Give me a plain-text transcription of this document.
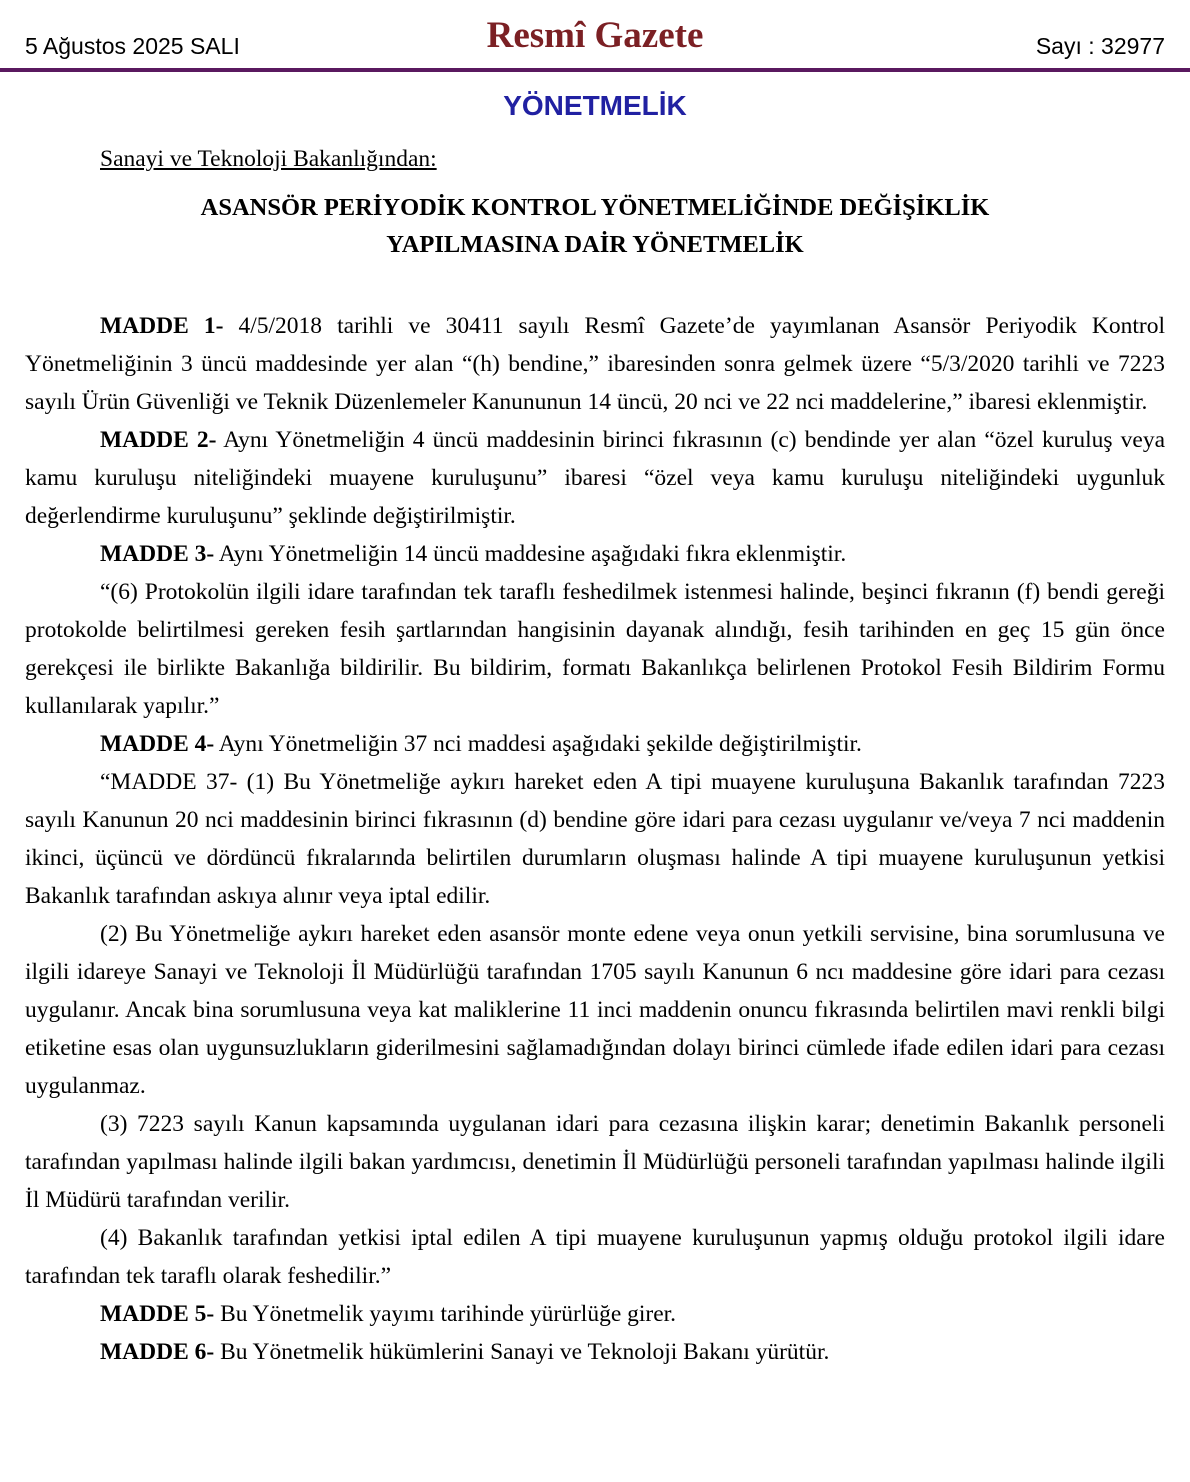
5 Ağustos 2025 SALI	Resmî Gazete	Sayı : 32977
YÖNETMELİK
Sanayi ve Teknoloji Bakanlığından:
ASANSÖR PERİYODİK KONTROL YÖNETMELİĞİNDE DEĞİŞİKLİK
YAPILMASINA DAİR YÖNETMELİK

MADDE 1- 4/5/2018 tarihli ve 30411 sayılı Resmî Gazete’de yayımlanan Asansör Periyodik Kontrol Yönetmeliğinin 3 üncü maddesinde yer alan “(h) bendine,” ibaresinden sonra gelmek üzere “5/3/2020 tarihli ve 7223 sayılı Ürün Güvenliği ve Teknik Düzenlemeler Kanununun 14 üncü, 20 nci ve 22 nci maddelerine,” ibaresi eklenmiştir.

MADDE 2- Aynı Yönetmeliğin 4 üncü maddesinin birinci fıkrasının (c) bendinde yer alan “özel kuruluş veya kamu kuruluşu niteliğindeki muayene kuruluşunu” ibaresi “özel veya kamu kuruluşu niteliğindeki uygunluk değerlendirme kuruluşunu” şeklinde değiştirilmiştir.

MADDE 3- Aynı Yönetmeliğin 14 üncü maddesine aşağıdaki fıkra eklenmiştir.

“(6) Protokolün ilgili idare tarafından tek taraflı feshedilmek istenmesi halinde, beşinci fıkranın (f) bendi gereği protokolde belirtilmesi gereken fesih şartlarından hangisinin dayanak alındığı, fesih tarihinden en geç 15 gün önce gerekçesi ile birlikte Bakanlığa bildirilir. Bu bildirim, formatı Bakanlıkça belirlenen Protokol Fesih Bildirim Formu kullanılarak yapılır.”

MADDE 4- Aynı Yönetmeliğin 37 nci maddesi aşağıdaki şekilde değiştirilmiştir.

“MADDE 37- (1) Bu Yönetmeliğe aykırı hareket eden A tipi muayene kuruluşuna Bakanlık tarafından 7223 sayılı Kanunun 20 nci maddesinin birinci fıkrasının (d) bendine göre idari para cezası uygulanır ve/veya 7 nci maddenin ikinci, üçüncü ve dördüncü fıkralarında belirtilen durumların oluşması halinde A tipi muayene kuruluşunun yetkisi Bakanlık tarafından askıya alınır veya iptal edilir.

(2) Bu Yönetmeliğe aykırı hareket eden asansör monte edene veya onun yetkili servisine, bina sorumlusuna ve ilgili idareye Sanayi ve Teknoloji İl Müdürlüğü tarafından 1705 sayılı Kanunun 6 ncı maddesine göre idari para cezası uygulanır. Ancak bina sorumlusuna veya kat maliklerine 11 inci maddenin onuncu fıkrasında belirtilen mavi renkli bilgi etiketine esas olan uygunsuzlukların giderilmesini sağlamadığından dolayı birinci cümlede ifade edilen idari para cezası uygulanmaz.

(3) 7223 sayılı Kanun kapsamında uygulanan idari para cezasına ilişkin karar; denetimin Bakanlık personeli tarafından yapılması halinde ilgili bakan yardımcısı, denetimin İl Müdürlüğü personeli tarafından yapılması halinde ilgili İl Müdürü tarafından verilir.

(4) Bakanlık tarafından yetkisi iptal edilen A tipi muayene kuruluşunun yapmış olduğu protokol ilgili idare tarafından tek taraflı olarak feshedilir.”

MADDE 5- Bu Yönetmelik yayımı tarihinde yürürlüğe girer.

MADDE 6- Bu Yönetmelik hükümlerini Sanayi ve Teknoloji Bakanı yürütür.
